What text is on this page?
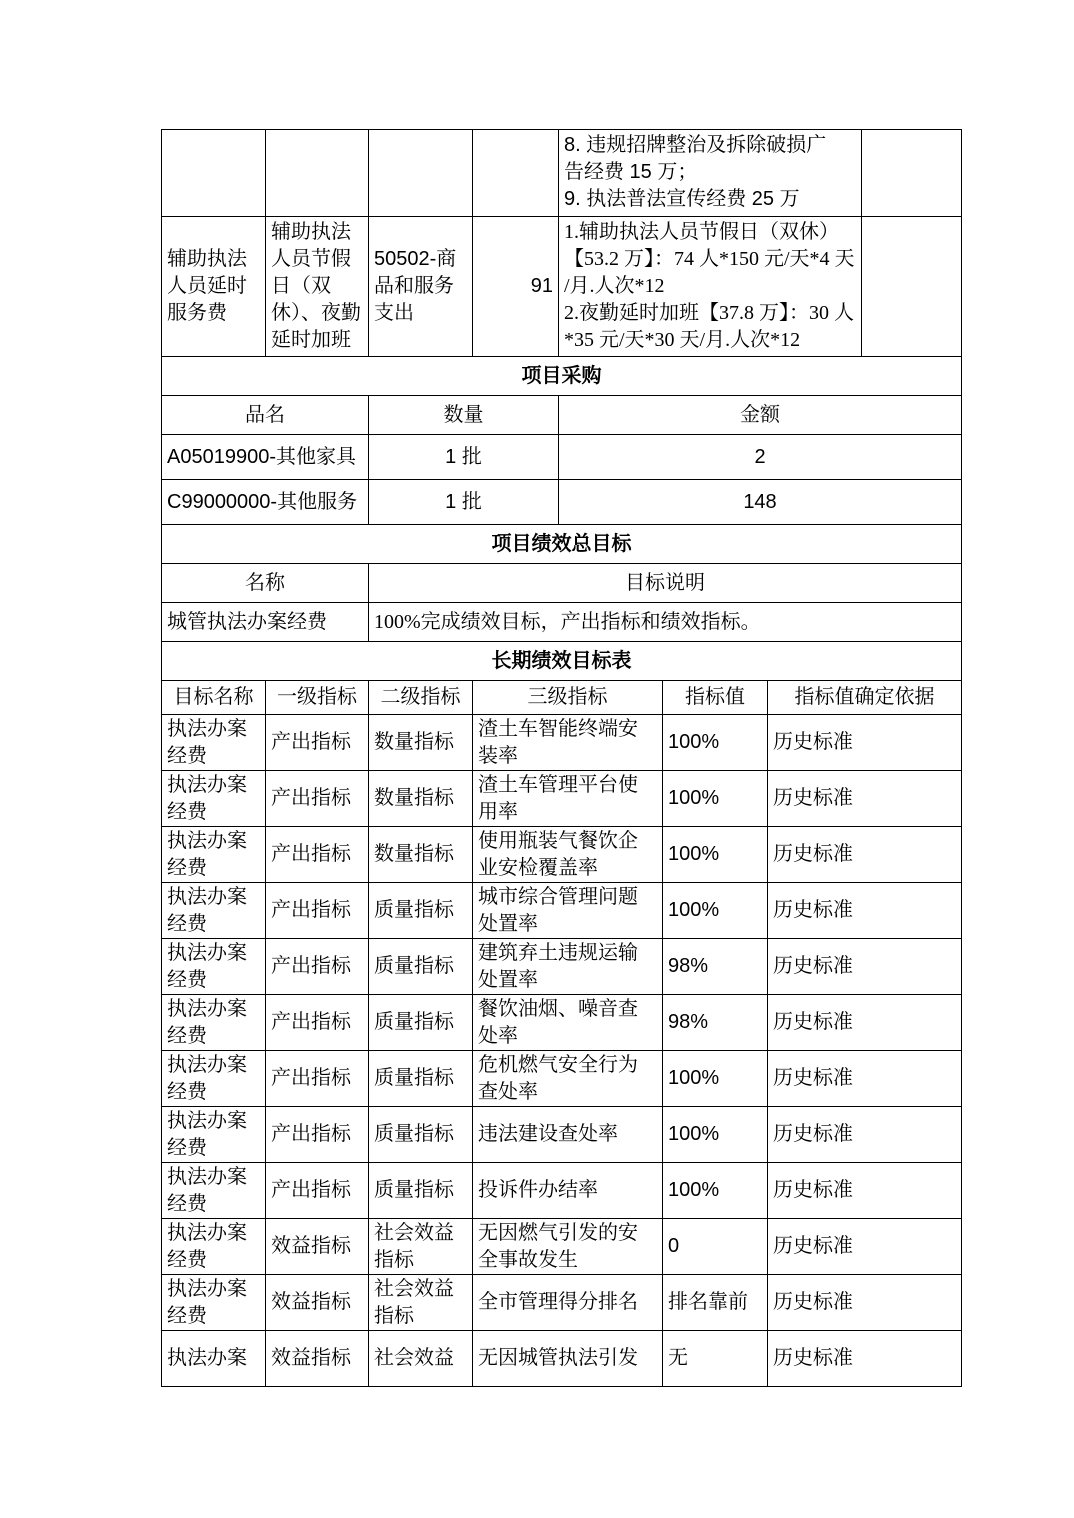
				8. 违规招牌整治及拆除破损广
告经费 15 万；
9. 执法普法宣传经费 25 万			

辅助执法人员延时服务费	辅助执法人员节假日（双休）、夜勤延时加班	50502-商品和服务支出	91	1.辅助执法人员节假日（双休）
【53.2 万】：74 人*150 元/天*4 天
/月.人次*12
2.夜勤延时加班【37.8 万】：30 人
*35 元/天*30 天/月.人次*12			

项目采购							
品名		数量		金额			
A05019900-其他家具		1 批		2			
C99000000-其他服务		1 批		148			
项目绩效总目标							
名称		目标说明					
城管执法办案经费		100%完成绩效目标，产出指标和绩效指标。					
长期绩效目标表							
目标名称	一级指标	二级指标	三级指标		指标值	指标值确定依据	
执法办案经费	产出指标	数量指标	渣土车智能终端安装率		100%	历史标准	
执法办案经费	产出指标	数量指标	渣土车管理平台使用率		100%	历史标准	
执法办案经费	产出指标	数量指标	使用瓶装气餐饮企业安检覆盖率		100%	历史标准	
执法办案经费	产出指标	质量指标	城市综合管理问题处置率		100%	历史标准	
执法办案经费	产出指标	质量指标	建筑弃土违规运输处置率		98%	历史标准	
执法办案经费	产出指标	质量指标	餐饮油烟、噪音查处率		98%	历史标准	
执法办案经费	产出指标	质量指标	危机燃气安全行为查处率		100%	历史标准	
执法办案经费	产出指标	质量指标	违法建设查处率		100%	历史标准	
执法办案经费	产出指标	质量指标	投诉件办结率		100%	历史标准	
执法办案经费	效益指标	社会效益指标	无因燃气引发的安全事故发生		0	历史标准	
执法办案经费	效益指标	社会效益指标	全市管理得分排名		排名靠前	历史标准	
执法办案	效益指标	社会效益	无因城管执法引发		无	历史标准	
